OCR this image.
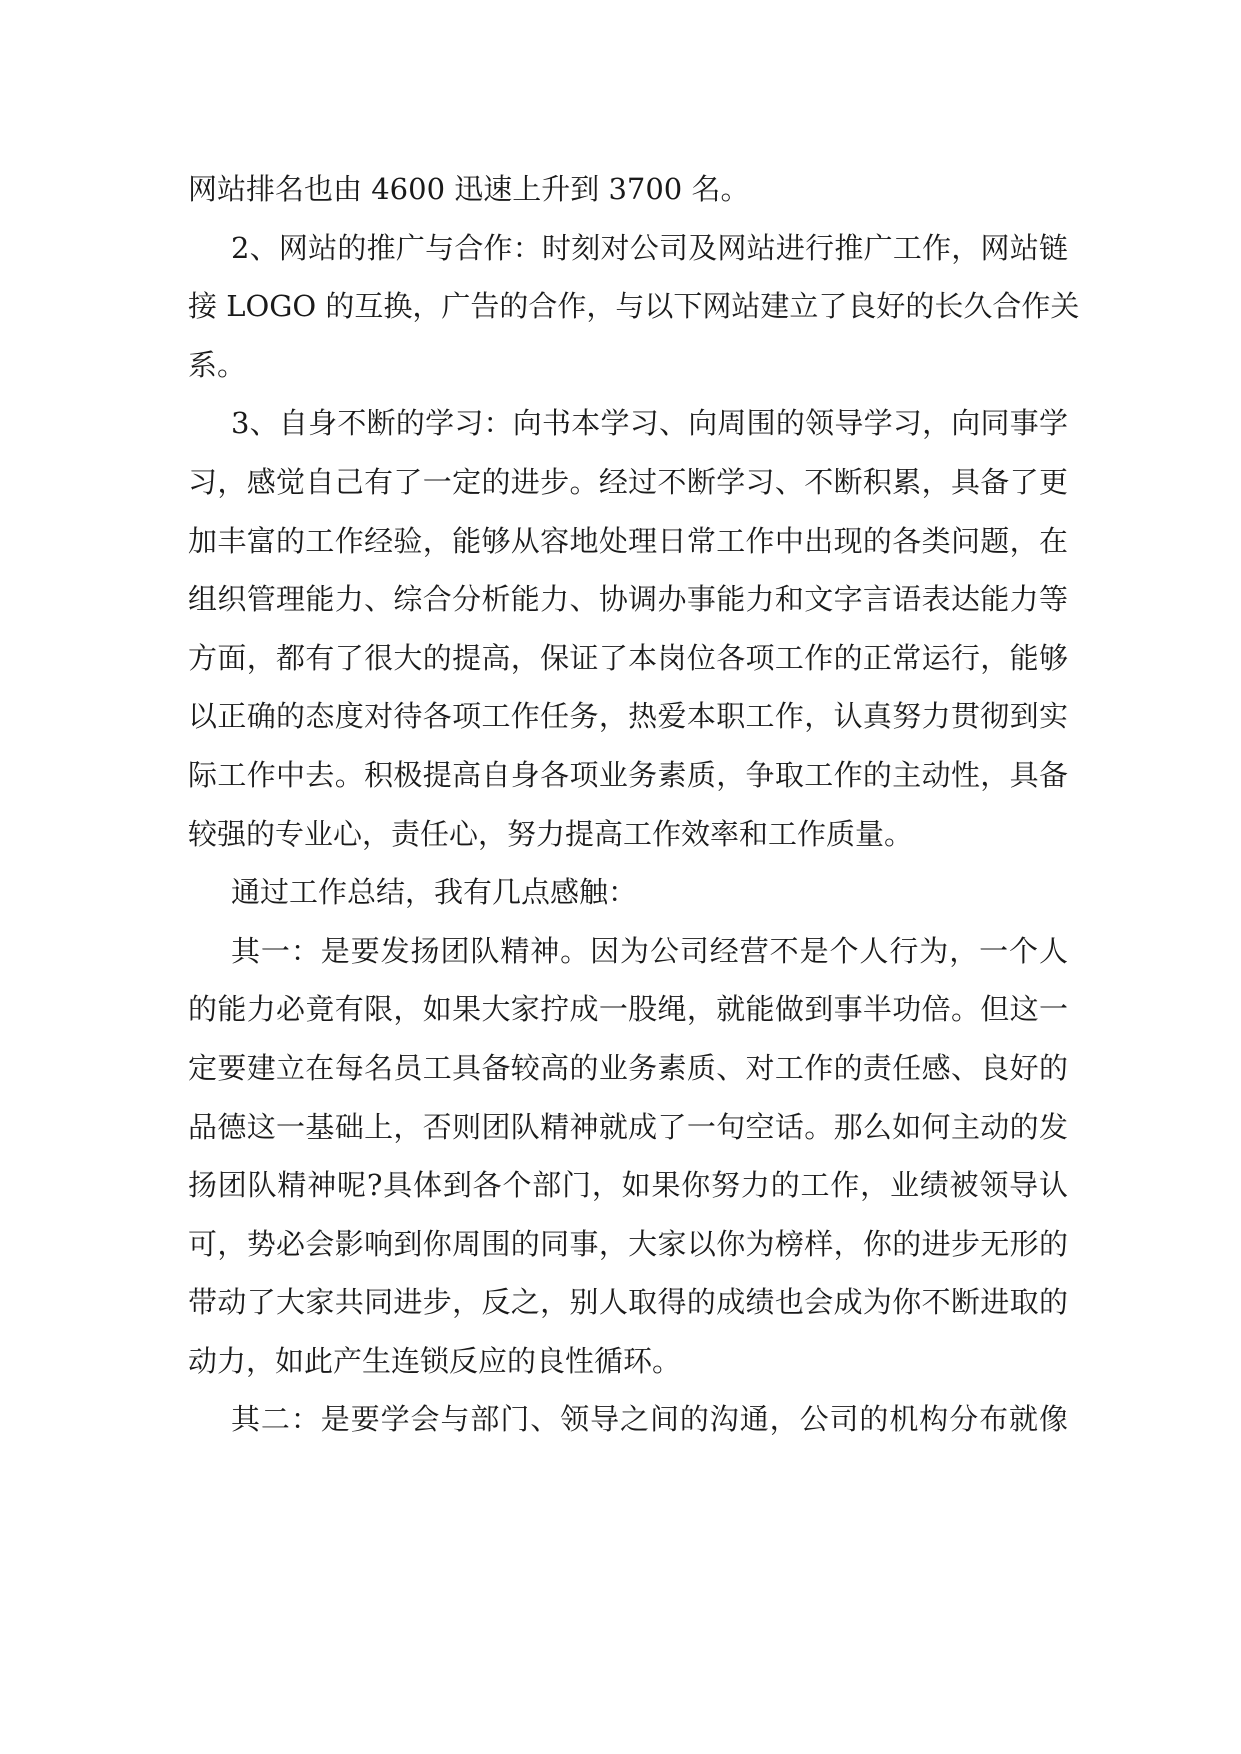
网站排名也由 4600 迅速上升到 3700 名。
2、网站的推广与合作：时刻对公司及网站进行推广工作，网站链
接 LOGO 的互换，广告的合作，与以下网站建立了良好的长久合作关
系。
3、自身不断的学习：向书本学习、向周围的领导学习，向同事学
习，感觉自己有了一定的进步。经过不断学习、不断积累，具备了更
加丰富的工作经验，能够从容地处理日常工作中出现的各类问题，在
组织管理能力、综合分析能力、协调办事能力和文字言语表达能力等
方面，都有了很大的提高，保证了本岗位各项工作的正常运行，能够
以正确的态度对待各项工作任务，热爱本职工作，认真努力贯彻到实
际工作中去。积极提高自身各项业务素质，争取工作的主动性，具备
较强的专业心，责任心，努力提高工作效率和工作质量。
通过工作总结，我有几点感触：
其一：是要发扬团队精神。因为公司经营不是个人行为，一个人
的能力必竟有限，如果大家拧成一股绳，就能做到事半功倍。但这一
定要建立在每名员工具备较高的业务素质、对工作的责任感、良好的
品德这一基础上，否则团队精神就成了一句空话。那么如何主动的发
扬团队精神呢?具体到各个部门，如果你努力的工作，业绩被领导认
可，势必会影响到你周围的同事，大家以你为榜样，你的进步无形的
带动了大家共同进步，反之，别人取得的成绩也会成为你不断进取的
动力，如此产生连锁反应的良性循环。
其二：是要学会与部门、领导之间的沟通，公司的机构分布就像
